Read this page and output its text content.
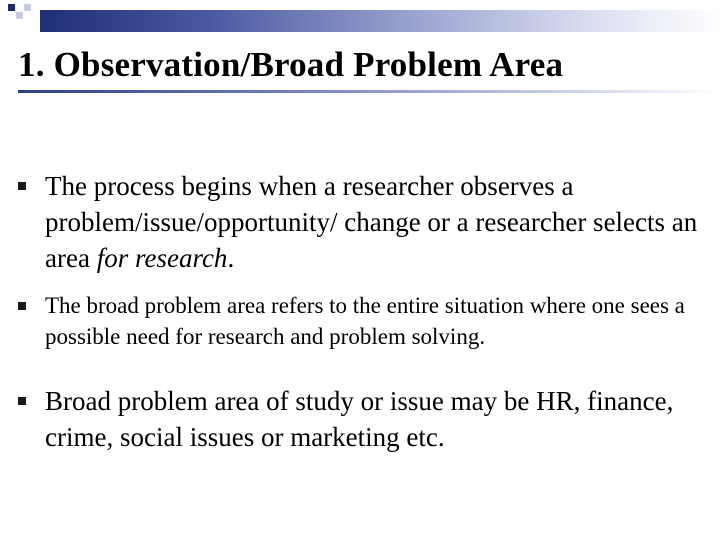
1. Observation/Broad Problem Area
The process begins when a researcher observes a problem/issue/opportunity/ change or a researcher selects an area for research.
The broad problem area refers to the entire situation where one sees a possible need for research and problem solving.
Broad problem area of study or issue may be HR, finance, crime, social issues or marketing etc.
